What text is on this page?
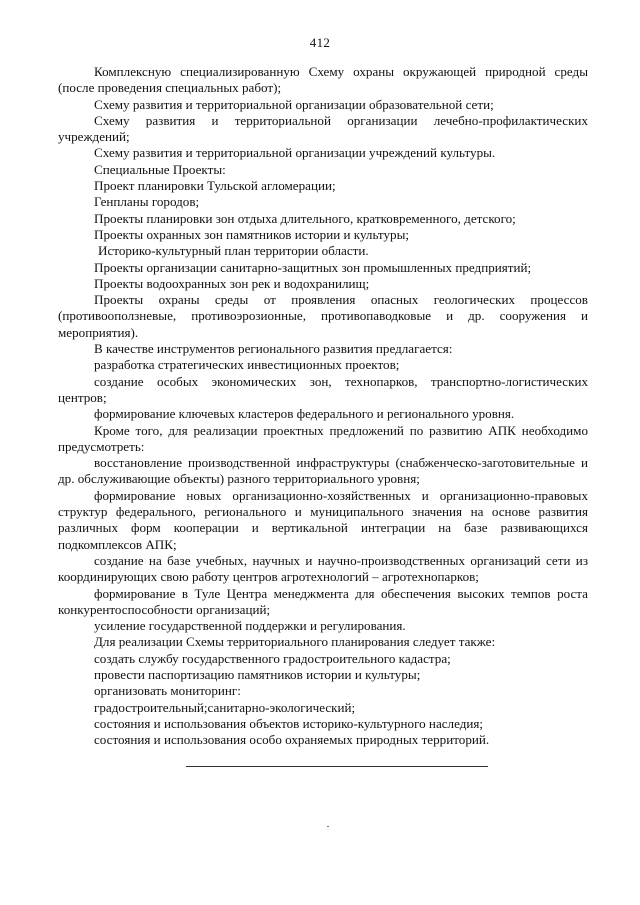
412

Комплексную специализированную Схему охраны окружающей природной среды (после проведения специальных работ);

Схему развития и территориальной организации образовательной сети;

Схему развития и территориальной организации лечебно-профилактических учреждений;

Схему развития и территориальной организации учреждений культуры.

Специальные Проекты:

Проект планировки Тульской агломерации;

Генпланы городов;

Проекты планировки зон отдыха длительного, кратковременного, детского;

Проекты охранных зон памятников истории и культуры;

Историко-культурный план территории области.

Проекты организации санитарно-защитных зон промышленных предприятий;

Проекты водоохранных зон рек и водохранилищ;

Проекты охраны среды от проявления опасных геологических процессов (противооползневые, противоэрозионные, противопаводковые и др. сооружения и мероприятия).

В качестве инструментов регионального развития предлагается:

разработка стратегических инвестиционных проектов;

создание особых экономических зон, технопарков, транспортно-логистических центров;

формирование ключевых кластеров федерального и регионального уровня.

Кроме того, для реализации проектных предложений по развитию АПК необходимо предусмотреть:

восстановление производственной инфраструктуры (снабженческо-заготовительные и др. обслуживающие объекты) разного территориального уровня;

формирование новых организационно-хозяйственных и организационно-правовых структур федерального, регионального и муниципального значения на основе развития различных форм кооперации и вертикальной интеграции на базе развивающихся подкомплексов АПК;

создание на базе учебных, научных и научно-производственных организаций сети из координирующих свою работу центров агротехнологий – агротехнопарков;

формирование в Туле Центра менеджмента для обеспечения высоких темпов роста конкурентоспособности организаций;

усиление государственной поддержки и регулирования.

Для реализации Схемы территориального планирования следует также:

создать службу государственного градостроительного кадастра;

провести паспортизацию памятников истории и культуры;

организовать мониторинг:

градостроительный;санитарно-экологический;

состояния и использования объектов историко-культурного наследия;

состояния и использования особо охраняемых природных территорий.
